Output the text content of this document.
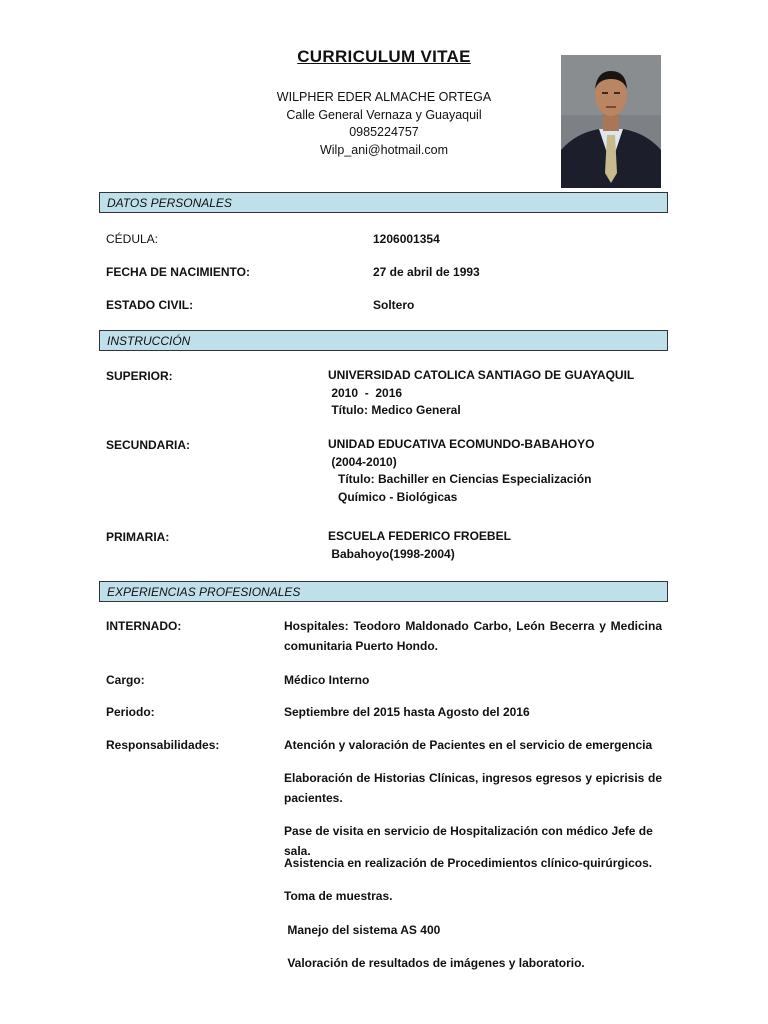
CURRICULUM VITAE
WILPHER EDER ALMACHE ORTEGA
Calle General Vernaza y Guayaquil
0985224757
Wilp_ani@hotmail.com
DATOS PERSONALES
CÉDULA:	1206001354
FECHA DE NACIMIENTO:	27 de abril de 1993
ESTADO CIVIL:	Soltero
INSTRUCCIÓN
SUPERIOR:	UNIVERSIDAD CATOLICA SANTIAGO DE GUAYAQUIL
2010  -  2016
Título: Medico General
SECUNDARIA:	UNIDAD EDUCATIVA ECOMUNDO-BABAHOYO
(2004-2010)
Título: Bachiller en Ciencias Especialización
Químico - Biológicas
PRIMARIA:	ESCUELA FEDERICO FROEBEL
Babahoyo(1998-2004)
EXPERIENCIAS PROFESIONALES
INTERNADO:	Hospitales: Teodoro Maldonado Carbo, León Becerra y Medicina comunitaria Puerto Hondo.
Cargo:	Médico Interno
Periodo:	Septiembre del 2015 hasta Agosto del 2016
Responsabilidades:	Atención y valoración de Pacientes en el servicio de emergencia
Elaboración de Historias Clínicas, ingresos egresos y epicrisis de pacientes.
Pase de visita en servicio de Hospitalización con médico Jefe de sala.
Asistencia en realización de Procedimientos clínico-quirúrgicos.
Toma de muestras.
Manejo del sistema AS 400
Valoración de resultados de imágenes y laboratorio.
